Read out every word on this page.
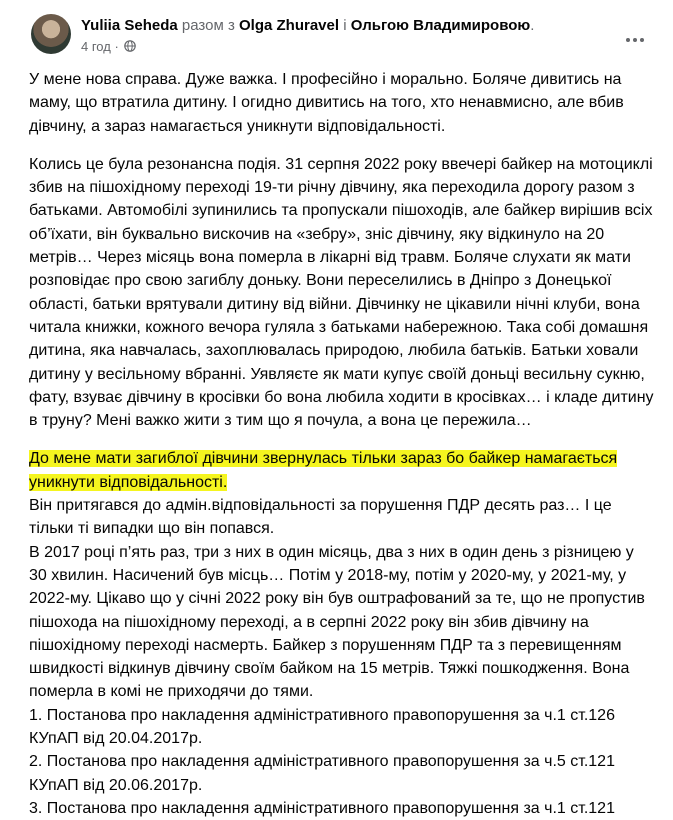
Yuliia Seheda разом з Olga Zhuravel і Ольгою Владимировою.
4 год ·

У мене нова справа. Дуже важка. І професійно і морально. Боляче дивитись на маму, що втратила дитину. І огидно дивитись на того, хто ненавмисно, але вбив дівчину, а зараз намагається уникнути відповідальності.

Колись це була резонансна подія. 31 серпня 2022 року ввечері байкер на мотоциклі збив на пішохідному переході 19-ти річну дівчину, яка переходила дорогу разом з батьками. Автомобілі зупинились та пропускали пішоходів, але байкер вирішив всіх об’їхати, він буквально вискочив на «зебру», зніс дівчину, яку відкинуло на 20 метрів… Через місяць вона померла в лікарні від травм. Боляче слухати як мати розповідає про свою загиблу доньку. Вони переселились в Дніпро з Донецької області, батьки врятували дитину від війни. Дівчинку не цікавили нічні клуби, вона читала книжки, кожного вечора гуляла з батьками набережною. Така собі домашня дитина, яка навчалась, захоплювалась природою, любила батьків. Батьки ховали дитину у весільному вбранні. Уявляєте як мати купує своїй доньці весильну сукню, фату, взуває дівчину в кросівки бо вона любила ходити в кросівках… і кладе дитину в труну? Мені важко жити з тим що я почула, а вона це пережила…

До мене мати загиблої дівчини звернулась тільки зараз бо байкер намагається уникнути відповідальності.

Він притягався до адмін.відповідальності за порушення ПДР десять раз… І це тільки ті випадки що він попався.

В 2017 році п’ять раз, три з них в один місяць, два з них в один день з різницею у 30 хвилин. Насичений був місць… Потім у 2018-му, потім у 2020-му, у 2021-му, у 2022-му. Цікаво що у січні 2022 року він був оштрафований за те, що не пропустив пішохода на пішохідному переході, а в серпні 2022 року він збив дівчину на пішохідному переході насмерть. Байкер з порушенням ПДР та з перевищенням швидкості відкинув дівчину своїм байком на 15 метрів. Тяжкі пошкодження. Вона померла в комі не приходячи до тями.

1. Постанова про накладення адміністративного правопорушення за ч.1 ст.126 КУпАП від 20.04.2017р.

2. Постанова про накладення адміністративного правопорушення за ч.5 ст.121 КУпАП від 20.06.2017р.

3. Постанова про накладення адміністративного правопорушення за ч.1 ст.121
